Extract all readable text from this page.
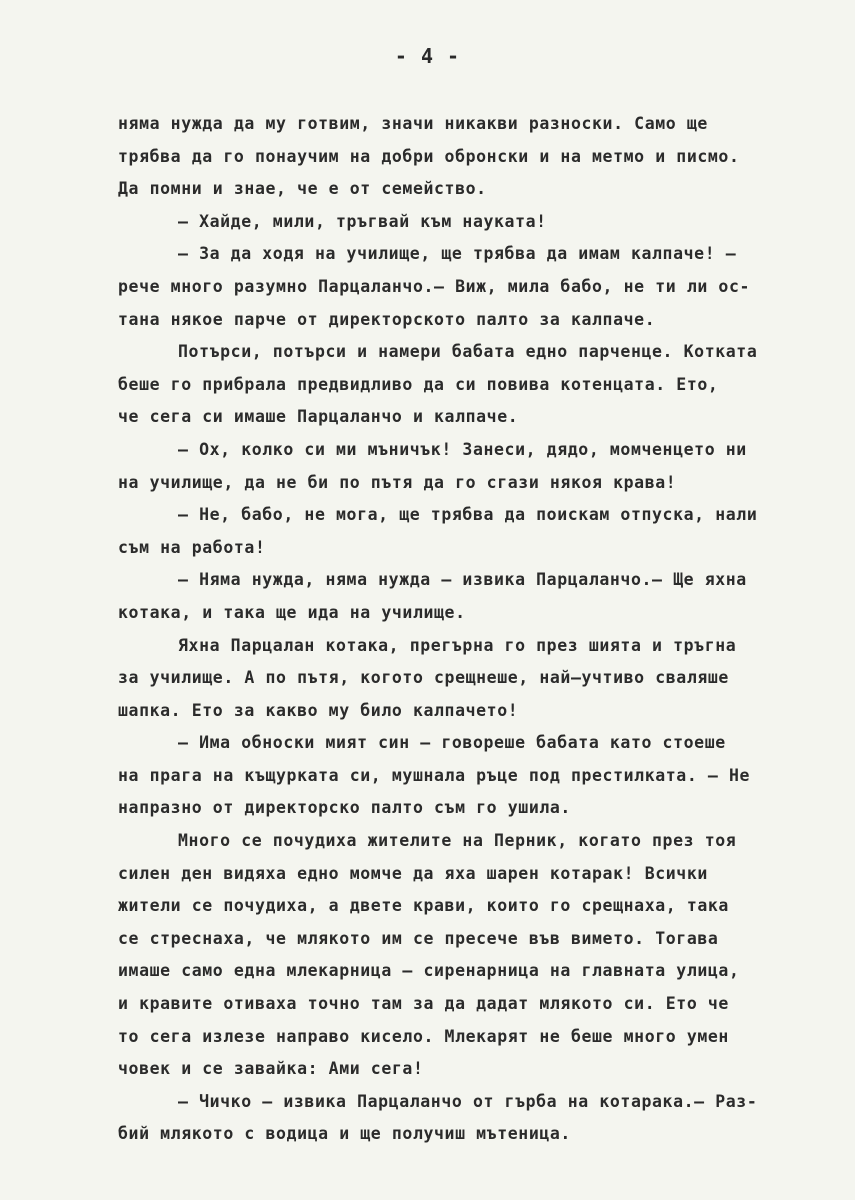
- 4 -
няма нужда да му готвим, значи никакви разноски. Само ще
трябва да го понаучим на добри обронски и на метмо и писмо.
Да помни и знае, че е от семейство.
– Хайде, мили, тръгвай към науката!
– За да ходя на училище, ще трябва да имам калпаче! –
рече много разумно Парцаланчо.– Виж, мила бабо, не ти ли ос-
тана някое парче от директорското палто за калпаче.
Потърси, потърси и намери бабата едно парченце. Котката
беше го прибрала предвидливо да си повива котенцата. Ето,
че сега си имаше Парцаланчо и калпаче.
– Ох, колко си ми мъничък! Занеси, дядо, момченцето ни
на училище, да не би по пътя да го сгази някоя крава!
– Не, бабо, не мога, ще трябва да поискам отпуска, нали
съм на работа!
– Няма нужда, няма нужда – извика Парцаланчо.– Ще яхна
котака, и така ще ида на училище.
Яхна Парцалан котака, прегърна го през шията и тръгна
за училище. А по пътя, когото срещнеше, най–учтиво сваляше
шапка. Ето за какво му било калпачето!
– Има обноски мият син – говореше бабата като стоеше
на прага на къщурката си, мушнала ръце под престилката. – Не
напразно от директорско палто съм го ушила.
Много се почудиха жителите на Перник, когато през тоя
силен ден видяха едно момче да яха шарен котарак! Всички
жители се почудиха, а двете крави, които го срещнаха, така
се стреснаха, че млякото им се пресече във вимето. Тогава
имаше само една млекарница – сиренарница на главната улица,
и кравите отиваха точно там за да дадат млякото си. Ето че
то сега излезе направо кисело. Млекарят не беше много умен
човек и се завайка: Ами сега!
– Чичко – извика Парцаланчо от гърба на котарака.– Раз-
бий млякото с водица и ще получиш мътеница.
